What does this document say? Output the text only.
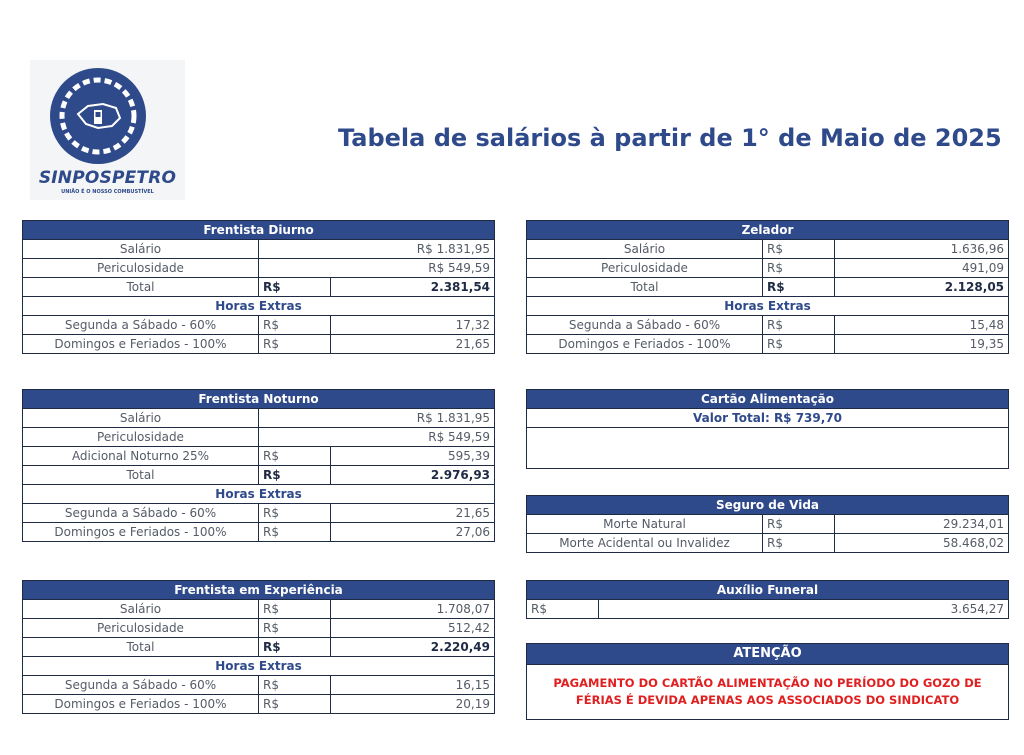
SINPOSPETRO
UNIÃO É O NOSSO COMBUSTÍVEL
Tabela de salários à partir de 1° de Maio de 2025
Frentista Diurno		
Salário	R$ 1.831,95	
Periculosidade	R$ 549,59	
Total	R$	2.381,54
Horas Extras		
Segunda a Sábado - 60%	R$	17,32
Domingos e Feriados - 100%	R$	21,65
Zelador		
Salário	R$	1.636,96
Periculosidade	R$	491,09
Total	R$	2.128,05
Horas Extras		
Segunda a Sábado - 60%	R$	15,48
Domingos e Feriados - 100%	R$	19,35
Frentista Noturno		
Salário	R$ 1.831,95	
Periculosidade	R$ 549,59	
Adicional Noturno 25%	R$	595,39
Total	R$	2.976,93
Horas Extras		
Segunda a Sábado - 60%	R$	21,65
Domingos e Feriados - 100%	R$	27,06
Cartão Alimentação
Valor Total: R$ 739,70

Seguro de Vida		
Morte Natural	R$	29.234,01
Morte Acidental ou Invalidez	R$	58.468,02
Frentista em Experiência		
Salário	R$	1.708,07
Periculosidade	R$	512,42
Total	R$	2.220,49
Horas Extras		
Segunda a Sábado - 60%	R$	16,15
Domingos e Feriados - 100%	R$	20,19
Auxílio Funeral
R$	3.654,27
ATENÇÃO
PAGAMENTO DO CARTÃO ALIMENTAÇÃO NO PERÍODO DO GOZO DE FÉRIAS É DEVIDA APENAS AOS ASSOCIADOS DO SINDICATO
